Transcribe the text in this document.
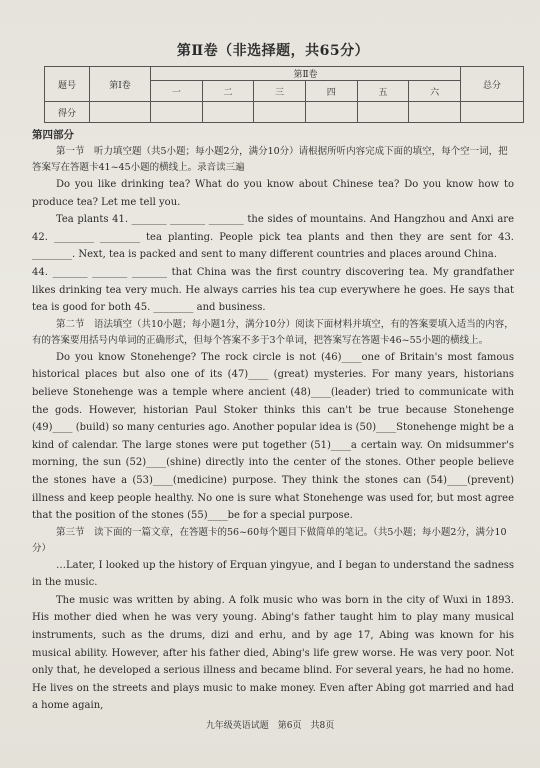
第Ⅱ卷（非选择题，共65分）
题号	第Ⅰ卷	第Ⅱ卷						总分
		一	二	三	四	五	六	
得分								
第四部分

第一节　听力填空题（共5小题；每小题2分，满分10分）请根据所听内容完成下面的填空，每个空一词，把答案写在答题卡41~45小题的横线上。录音读三遍

Do you like drinking tea? What do you know about Chinese tea? Do you know how to produce tea? Let me tell you.

Tea plants 41. _______ _______ _______ the sides of mountains. And Hangzhou and Anxi are 42. ________ ________ tea planting. People pick tea plants and then they are sent for 43. ________. Next, tea is packed and sent to many different countries and places around China.

44. _______ _______ _______ that China was the first country discovering tea. My grandfather likes drinking tea very much. He always carries his tea cup everywhere he goes. He says that tea is good for both 45. ________ and business.

第二节　语法填空（共10小题；每小题1分，满分10分）阅读下面材料并填空，有的答案要填入适当的内容，有的答案要用括号内单词的正确形式，但每个答案不多于3个单词，把答案写在答题卡46~55小题的横线上。

Do you know Stonehenge? The rock circle is not (46)____one of Britain's most famous historical places but also one of its (47)____ (great) mysteries. For many years, historians believe Stonehenge was a temple where ancient (48)____(leader) tried to communicate with the gods. However, historian Paul Stoker thinks this can't be true because Stonehenge (49)____ (build) so many centuries ago. Another popular idea is (50)____Stonehenge might be a kind of calendar. The large stones were put together (51)____a certain way. On midsummer's morning, the sun (52)____(shine) directly into the center of the stones. Other people believe the stones have a (53)____(medicine) purpose. They think the stones can (54)____(prevent) illness and keep people healthy. No one is sure what Stonehenge was used for, but most agree that the position of the stones (55)____be for a special purpose.

第三节　读下面的一篇文章，在答题卡的56~60每个题目下做简单的笔记。（共5小题；每小题2分，满分10分）

…Later, I looked up the history of Erquan yingyue, and I began to understand the sadness in the music.

The music was written by abing. A folk music who was born in the city of Wuxi in 1893. His mother died when he was very young. Abing's father taught him to play many musical instruments, such as the drums, dizi and erhu, and by age 17, Abing was known for his musical ability. However, after his father died, Abing's life grew worse. He was very poor. Not only that, he developed a serious illness and became blind. For several years, he had no home. He lives on the streets and plays music to make money. Even after Abing got married and had a home again,

九年级英语试题　第6页　共8页
